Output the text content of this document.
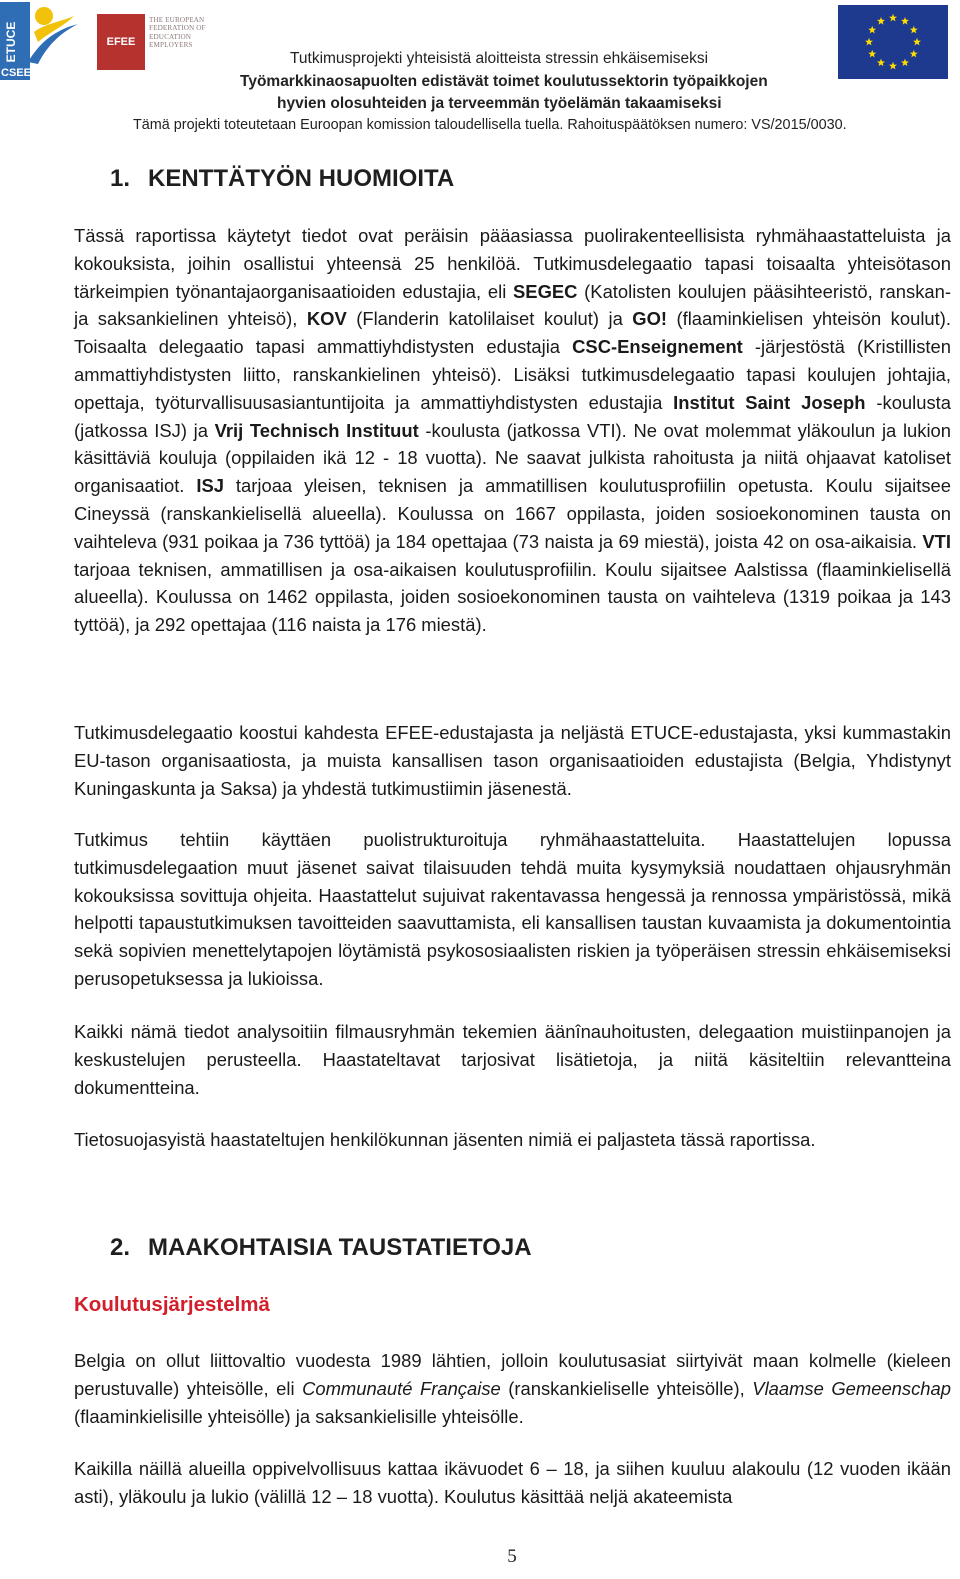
ETUCE
CSEE
EFEE
THE EUROPEAN
FEDERATION OF
EDUCATION
EMPLOYERS
Tutkimusprojekti yhteisistä aloitteista stressin ehkäisemiseksi
Työmarkkinaosapuolten edistävät toimet koulutussektorin työpaikkojen
hyvien olosuhteiden ja terveemmän työelämän takaamiseksi
Tämä projekti toteutetaan Euroopan komission taloudellisella tuella. Rahoituspäätöksen numero: VS/2015/0030.
1. KENTTÄTYÖN HUOMIOITA

Tässä raportissa käytetyt tiedot ovat peräisin pääasiassa puolirakenteellisista ryhmähaastatteluista ja kokouksista, joihin osallistui yhteensä 25 henkilöä. Tutkimusdelegaatio tapasi toisaalta yhteisötason tärkeimpien työnantajaorganisaatioiden edustajia, eli SEGEC (Katolisten koulujen pääsihteeristö, ranskan- ja saksankielinen yhteisö), KOV (Flanderin katolilaiset koulut) ja GO! (flaaminkielisen yhteisön koulut). Toisaalta delegaatio tapasi ammattiyhdistysten edustajia CSC-Enseignement -järjestöstä (Kristillisten ammattiyhdistysten liitto, ranskankielinen yhteisö). Lisäksi tutkimusdelegaatio tapasi koulujen johtajia, opettaja, työturvallisuusasiantuntijoita ja ammattiyhdistysten edustajia Institut Saint Joseph -koulusta (jatkossa ISJ) ja Vrij Technisch Instituut -koulusta (jatkossa VTI). Ne ovat molemmat yläkoulun ja lukion käsittäviä kouluja (oppilaiden ikä 12 - 18 vuotta). Ne saavat julkista rahoitusta ja niitä ohjaavat katoliset organisaatiot. ISJ tarjoaa yleisen, teknisen ja ammatillisen koulutusprofiilin opetusta. Koulu sijaitsee Cineyssä (ranskankielisellä alueella). Koulussa on 1667 oppilasta, joiden sosioekonominen tausta on vaihteleva (931 poikaa ja 736 tyttöä) ja 184 opettajaa (73 naista ja 69 miestä), joista 42 on osa-aikaisia. VTI tarjoaa teknisen, ammatillisen ja osa-aikaisen koulutusprofiilin. Koulu sijaitsee Aalstissa (flaaminkielisellä alueella). Koulussa on 1462 oppilasta, joiden sosioekonominen tausta on vaihteleva (1319 poikaa ja 143 tyttöä), ja 292 opettajaa (116 naista ja 176 miestä).

Tutkimusdelegaatio koostui kahdesta EFEE-edustajasta ja neljästä ETUCE-edustajasta, yksi kummastakin EU-tason organisaatiosta, ja muista kansallisen tason organisaatioiden edustajista (Belgia, Yhdistynyt Kuningaskunta ja Saksa) ja yhdestä tutkimustiimin jäsenestä.

Tutkimus tehtiin käyttäen puolistrukturoituja ryhmähaastatteluita. Haastattelujen lopussa tutkimusdelegaation muut jäsenet saivat tilaisuuden tehdä muita kysymyksiä noudattaen ohjausryhmän kokouksissa sovittuja ohjeita. Haastattelut sujuivat rakentavassa hengessä ja rennossa ympäristössä, mikä helpotti tapaustutkimuksen tavoitteiden saavuttamista, eli kansallisen taustan kuvaamista ja dokumentointia sekä sopivien menettelytapojen löytämistä psykososiaalisten riskien ja työperäisen stressin ehkäisemiseksi perusopetuksessa ja lukioissa.

Kaikki nämä tiedot analysoitiin filmausryhmän tekemien äänînauhoitusten, delegaation muistiinpanojen ja keskustelujen perusteella. Haastateltavat tarjosivat lisätietoja, ja niitä käsiteltiin relevantteina dokumentteina.

Tietosuojasyistä haastateltujen henkilökunnan jäsenten nimiä ei paljasteta tässä raportissa.

2. MAAKOHTAISIA TAUSTATIETOJA
Koulutusjärjestelmä

Belgia on ollut liittovaltio vuodesta 1989 lähtien, jolloin koulutusasiat siirtyivät maan kolmelle (kieleen perustuvalle) yhteisölle, eli Communauté Française (ranskankieliselle yhteisölle), Vlaamse Gemeenschap (flaaminkielisille yhteisölle) ja saksankielisille yhteisölle.

Kaikilla näillä alueilla oppivelvollisuus kattaa ikävuodet 6 – 18, ja siihen kuuluu alakoulu (12 vuoden ikään asti), yläkoulu ja lukio (välillä 12 – 18 vuotta). Koulutus käsittää neljä akateemista

5
